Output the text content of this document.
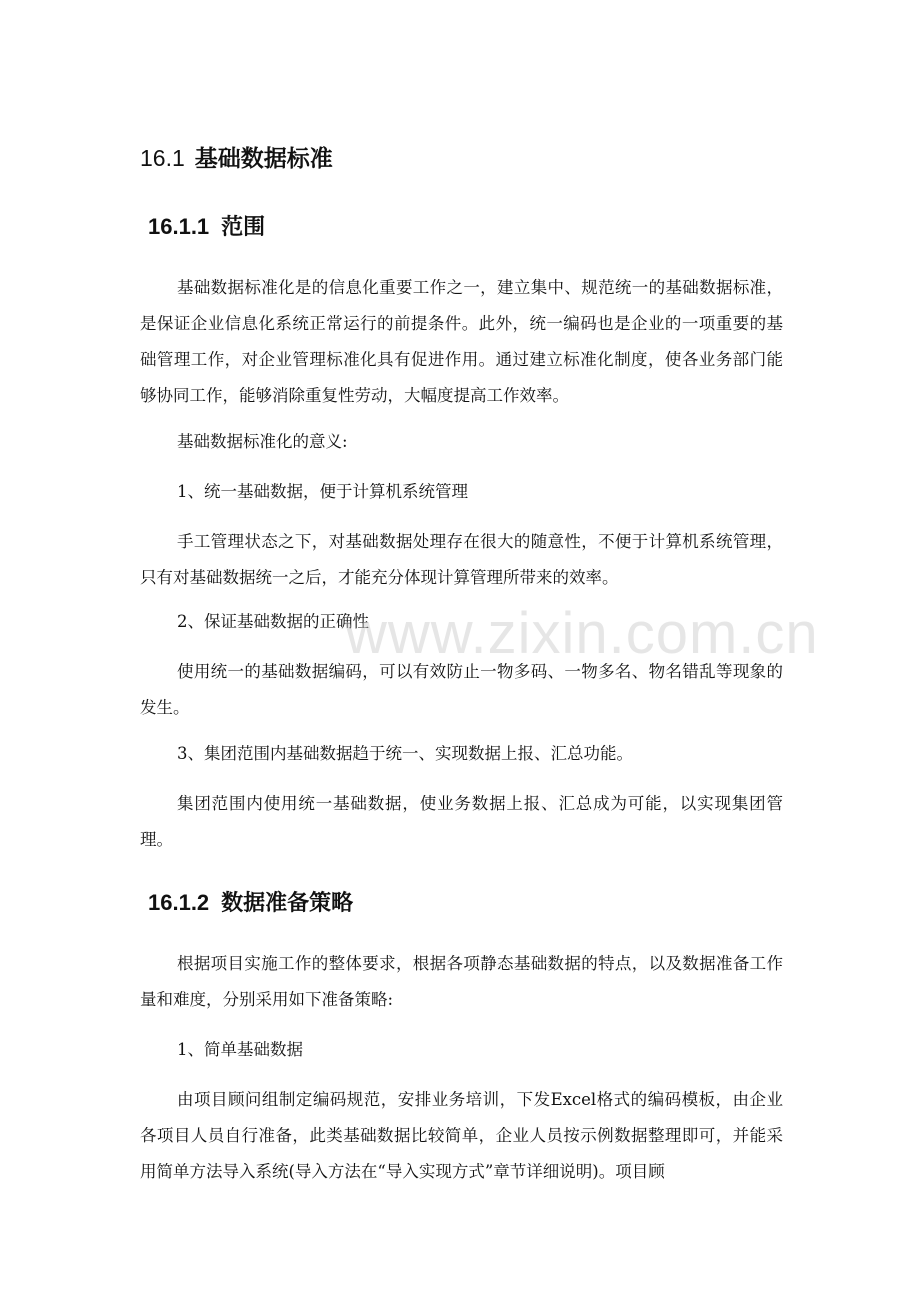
16.1 基础数据标准
16.1.1 范围

基础数据标准化是的信息化重要工作之一，建立集中、规范统一的基础数据标准，是保证企业信息化系统正常运行的前提条件。此外，统一编码也是企业的一项重要的基础管理工作，对企业管理标准化具有促进作用。通过建立标准化制度，使各业务部门能够协同工作，能够消除重复性劳动，大幅度提高工作效率。

基础数据标准化的意义:

1、统一基础数据，便于计算机系统管理

手工管理状态之下，对基础数据处理存在很大的随意性，不便于计算机系统管理，只有对基础数据统一之后，才能充分体现计算管理所带来的效率。

2、保证基础数据的正确性

使用统一的基础数据编码，可以有效防止一物多码、一物多名、物名错乱等现象的发生。

3、集团范围内基础数据趋于统一、实现数据上报、汇总功能。

集团范围内使用统一基础数据，使业务数据上报、汇总成为可能，以实现集团管理。

16.1.2 数据准备策略

根据项目实施工作的整体要求，根据各项静态基础数据的特点，以及数据准备工作量和难度，分别采用如下准备策略:

1、简单基础数据

由项目顾问组制定编码规范，安排业务培训，下发Excel格式的编码模板，由企业各项目人员自行准备，此类基础数据比较简单，企业人员按示例数据整理即可，并能采用简单方法导入系统(导入方法在“导入实现方式”章节详细说明)。项目顾

www.zixin.com.cn
